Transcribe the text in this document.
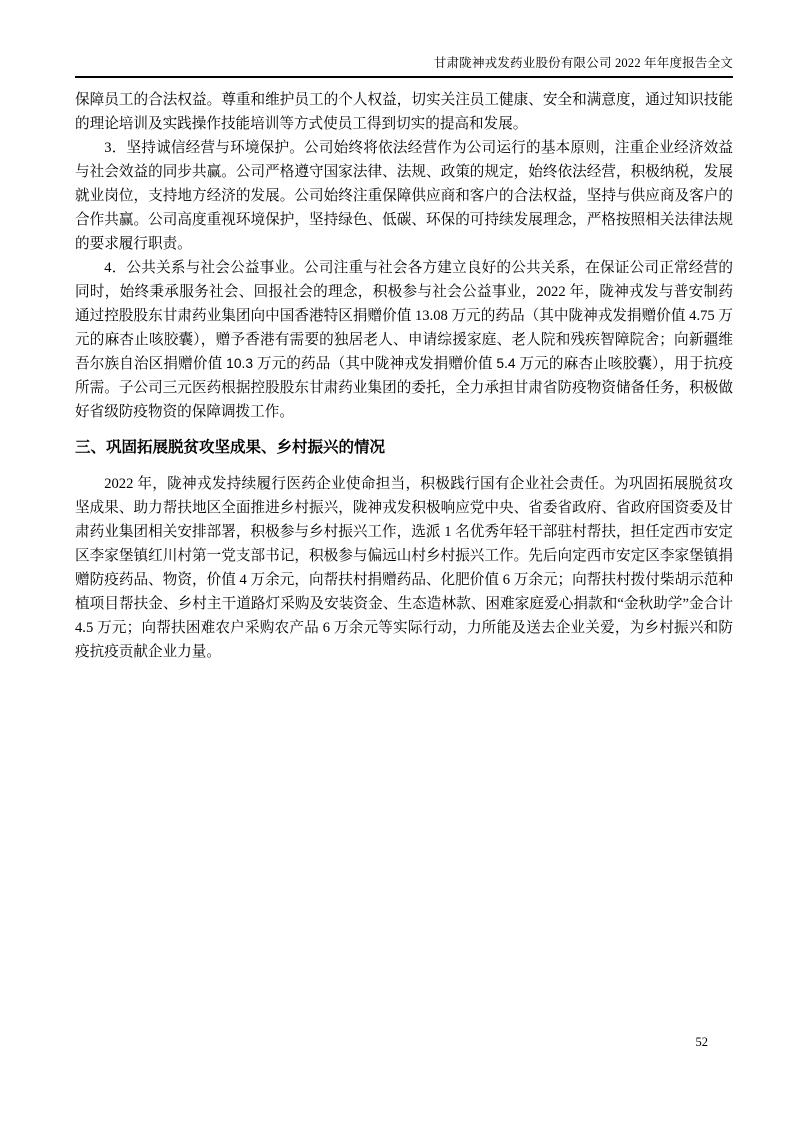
甘肃陇神戎发药业股份有限公司 2022 年年度报告全文

保障员工的合法权益。尊重和维护员工的个人权益，切实关注员工健康、安全和满意度，通过知识技能的理论培训及实践操作技能培训等方式使员工得到切实的提高和发展。

3．坚持诚信经营与环境保护。公司始终将依法经营作为公司运行的基本原则，注重企业经济效益与社会效益的同步共赢。公司严格遵守国家法律、法规、政策的规定，始终依法经营，积极纳税，发展就业岗位，支持地方经济的发展。公司始终注重保障供应商和客户的合法权益，坚持与供应商及客户的合作共赢。公司高度重视环境保护，坚持绿色、低碳、环保的可持续发展理念，严格按照相关法律法规的要求履行职责。

4．公共关系与社会公益事业。公司注重与社会各方建立良好的公共关系，在保证公司正常经营的同时，始终秉承服务社会、回报社会的理念，积极参与社会公益事业，2022 年，陇神戎发与普安制药通过控股股东甘肃药业集团向中国香港特区捐赠价值 13.08 万元的药品（其中陇神戎发捐赠价值 4.75 万元的麻杏止咳胶囊），赠予香港有需要的独居老人、申请综援家庭、老人院和残疾智障院舍；向新疆维吾尔族自治区捐赠价值 10.3 万元的药品（其中陇神戎发捐赠价值 5.4 万元的麻杏止咳胶囊），用于抗疫所需。子公司三元医药根据控股股东甘肃药业集团的委托，全力承担甘肃省防疫物资储备任务，积极做好省级防疫物资的保障调拨工作。

三、巩固拓展脱贫攻坚成果、乡村振兴的情况

2022 年，陇神戎发持续履行医药企业使命担当，积极践行国有企业社会责任。为巩固拓展脱贫攻坚成果、助力帮扶地区全面推进乡村振兴，陇神戎发积极响应党中央、省委省政府、省政府国资委及甘肃药业集团相关安排部署，积极参与乡村振兴工作，选派 1 名优秀年轻干部驻村帮扶，担任定西市安定区李家堡镇红川村第一党支部书记，积极参与偏远山村乡村振兴工作。先后向定西市安定区李家堡镇捐赠防疫药品、物资，价值 4 万余元，向帮扶村捐赠药品、化肥价值 6 万余元；向帮扶村拨付柴胡示范种植项目帮扶金、乡村主干道路灯采购及安装资金、生态造林款、困难家庭爱心捐款和“金秋助学”金合计 4.5 万元；向帮扶困难农户采购农产品 6 万余元等实际行动，力所能及送去企业关爱，为乡村振兴和防疫抗疫贡献企业力量。

52
